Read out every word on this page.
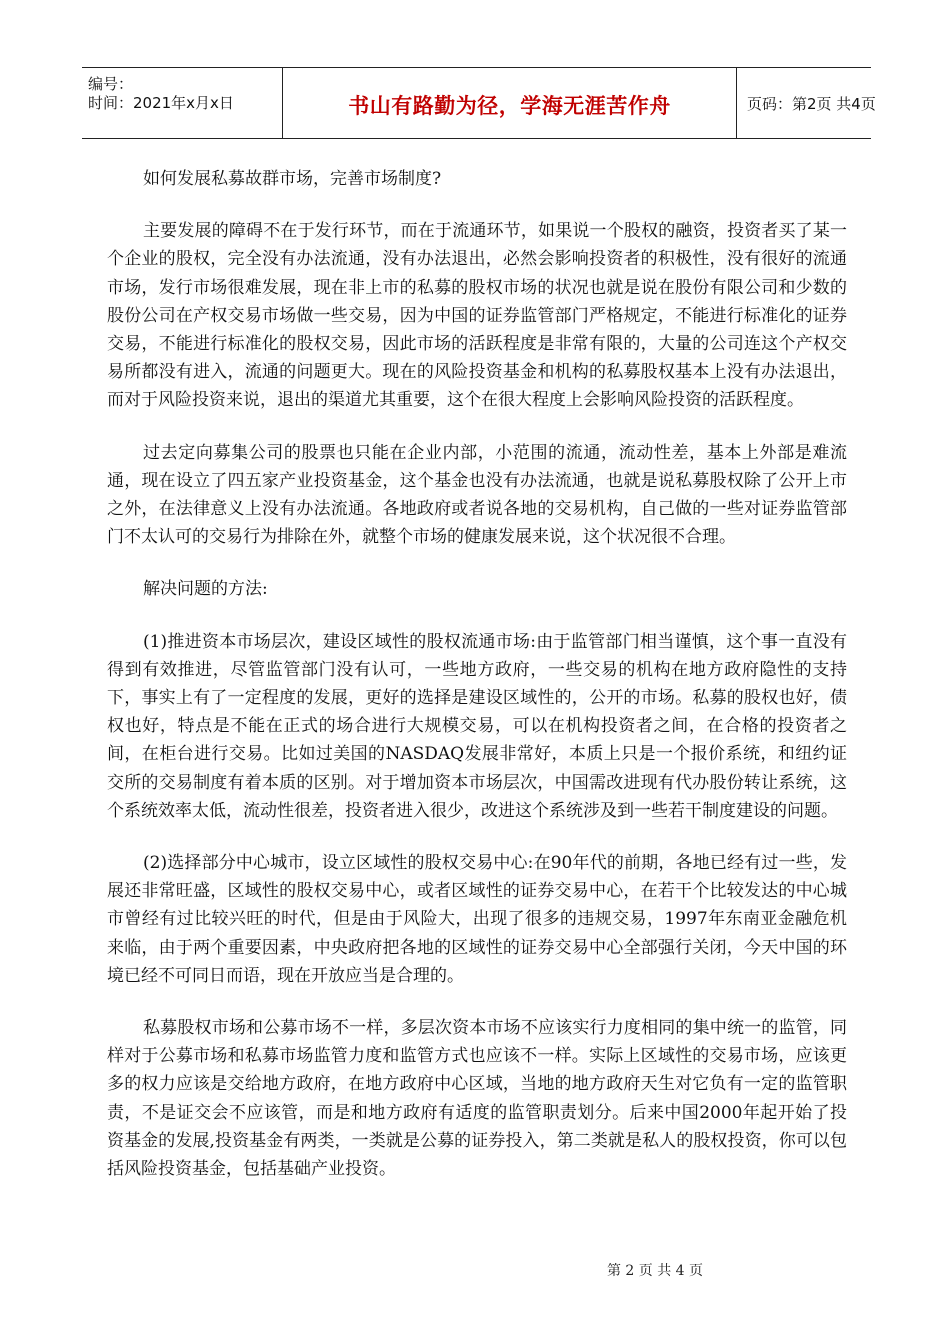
编号：
时间：2021年x月x日	书山有路勤为径，学海无涯苦作舟	页码：第2页 共4页

如何发展私募故群市场，完善市场制度?

主要发展的障碍不在于发行环节，而在于流通环节，如果说一个股权的融资，投资者买了某一个企业的股权，完全没有办法流通，没有办法退出，必然会影响投资者的积极性，没有很好的流通市场，发行市场很难发展，现在非上市的私募的股权市场的状况也就是说在股份有限公司和少数的股份公司在产权交易市场做一些交易，因为中国的证券监管部门严格规定，不能进行标准化的证券交易，不能进行标准化的股权交易，因此市场的活跃程度是非常有限的，大量的公司连这个产权交易所都没有进入，流通的问题更大。现在的风险投资基金和机构的私募股权基本上没有办法退出，而对于风险投资来说，退出的渠道尤其重要，这个在很大程度上会影响风险投资的活跃程度。

过去定向募集公司的股票也只能在企业内部，小范围的流通，流动性差，基本上外部是难流通，现在设立了四五家产业投资基金，这个基金也没有办法流通，也就是说私募股权除了公开上市之外，在法律意义上没有办法流通。各地政府或者说各地的交易机构，自己做的一些对证券监管部门不太认可的交易行为排除在外，就整个市场的健康发展来说，这个状况很不合理。

解决问题的方法:

(1)推进资本市场层次，建设区域性的股权流通市场:由于监管部门相当谨慎，这个事一直没有得到有效推进，尽管监管部门没有认可，一些地方政府，一些交易的机构在地方政府隐性的支持下，事实上有了一定程度的发展，更好的选择是建设区域性的，公开的市场。私募的股权也好，债权也好，特点是不能在正式的场合进行大规模交易，可以在机构投资者之间，在合格的投资者之间，在柜台进行交易。比如过美国的NASDAQ发展非常好，本质上只是一个报价系统，和纽约证交所的交易制度有着本质的区别。对于增加资本市场层次，中国需改进现有代办股份转让系统，这个系统效率太低，流动性很差，投资者进入很少，改进这个系统涉及到一些若干制度建设的问题。

(2)选择部分中心城市，设立区域性的股权交易中心:在90年代的前期，各地已经有过一些，发展还非常旺盛，区域性的股权交易中心，或者区域性的证券交易中心，在若干个比较发达的中心城市曾经有过比较兴旺的时代，但是由于风险大，出现了很多的违规交易，1997年东南亚金融危机来临，由于两个重要因素，中央政府把各地的区域性的证券交易中心全部强行关闭，今天中国的环境已经不可同日而语，现在开放应当是合理的。

私募股权市场和公募市场不一样，多层次资本市场不应该实行力度相同的集中统一的监管，同样对于公募市场和私募市场监管力度和监管方式也应该不一样。实际上区域性的交易市场，应该更多的权力应该是交给地方政府，在地方政府中心区域，当地的地方政府天生对它负有一定的监管职责，不是证交会不应该管，而是和地方政府有适度的监管职责划分。后来中国2000年起开始了投资基金的发展,投资基金有两类，一类就是公募的证券投入，第二类就是私人的股权投资，你可以包括风险投资基金，包括基础产业投资。

第 2 页 共 4 页
